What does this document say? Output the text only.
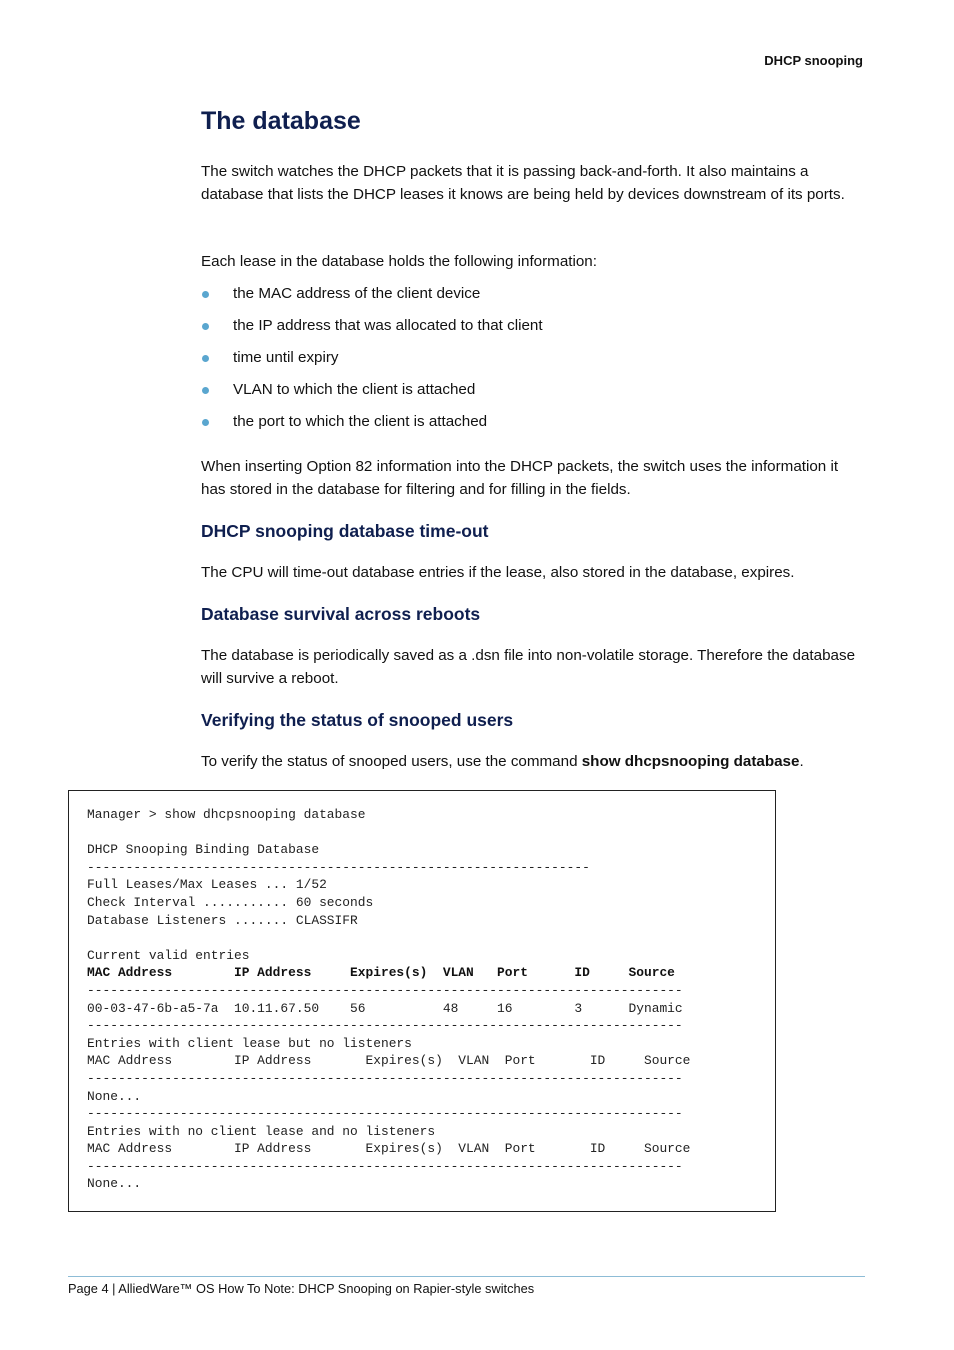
DHCP snooping
The database

The switch watches the DHCP packets that it is passing back-and-forth. It also maintains a database that lists the DHCP leases it knows are being held by devices downstream of its ports.

Each lease in the database holds the following information:

the MAC address of the client device
the IP address that was allocated to that client
time until expiry
VLAN to which the client is attached
the port to which the client is attached

When inserting Option 82 information into the DHCP packets, the switch uses the information it has stored in the database for filtering and for filling in the fields.

DHCP snooping database time-out

The CPU will time-out database entries if the lease, also stored in the database, expires.

Database survival across reboots

The database is periodically saved as a .dsn file into non-volatile storage. Therefore the database will survive a reboot.

Verifying the status of snooped users

To verify the status of snooped users, use the command show dhcpsnooping database.

Manager > show dhcpsnooping database

DHCP Snooping Binding Database
-----------------------------------------------------------------
Full Leases/Max Leases ... 1/52
Check Interval ........... 60 seconds
Database Listeners ....... CLASSIFR

Current valid entries
MAC Address        IP Address     Expires(s)  VLAN   Port      ID     Source
-----------------------------------------------------------------------------
00-03-47-6b-a5-7a  10.11.67.50    56          48     16        3      Dynamic
-----------------------------------------------------------------------------
Entries with client lease but no listeners
MAC Address        IP Address       Expires(s)  VLAN  Port       ID     Source
-----------------------------------------------------------------------------
None...
-----------------------------------------------------------------------------
Entries with no client lease and no listeners
MAC Address        IP Address       Expires(s)  VLAN  Port       ID     Source
-----------------------------------------------------------------------------
None...
Page 4 | AlliedWare™ OS How To Note: DHCP Snooping on Rapier-style switches
